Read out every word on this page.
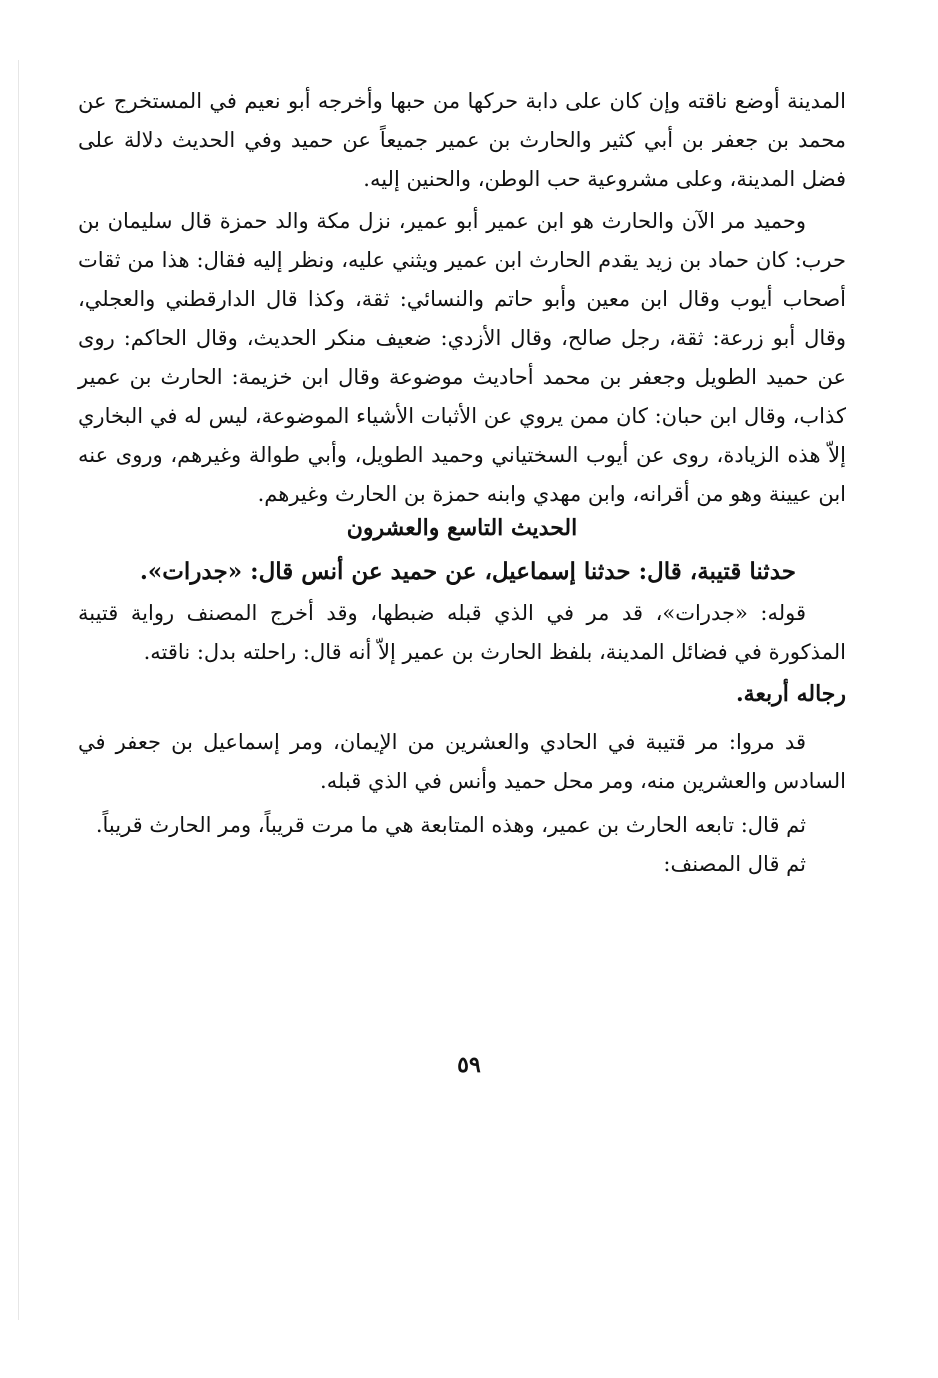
المدينة أوضع ناقته وإن كان على دابة حركها من حبها وأخرجه أبو نعيم في المستخرج عن محمد بن جعفر بن أبي كثير والحارث بن عمير جميعاً عن حميد وفي الحديث دلالة على فضل المدينة، وعلى مشروعية حب الوطن، والحنين إليه.

وحميد مر الآن والحارث هو ابن عمير أبو عمير، نزل مكة والد حمزة قال سليمان بن حرب: كان حماد بن زيد يقدم الحارث ابن عمير ويثني عليه، ونظر إليه فقال: هذا من ثقات أصحاب أيوب وقال ابن معين وأبو حاتم والنسائي: ثقة، وكذا قال الدارقطني والعجلي، وقال أبو زرعة: ثقة، رجل صالح، وقال الأزدي: ضعيف منكر الحديث، وقال الحاكم: روى عن حميد الطويل وجعفر بن محمد أحاديث موضوعة وقال ابن خزيمة: الحارث بن عمير كذاب، وقال ابن حبان: كان ممن يروي عن الأثبات الأشياء الموضوعة، ليس له في البخاري إلاّ هذه الزيادة، روى عن أيوب السختياني وحميد الطويل، وأبي طوالة وغيرهم، وروى عنه ابن عيينة وهو من أقرانه، وابن مهدي وابنه حمزة بن الحارث وغيرهم.

الحديث التاسع والعشرون
حدثنا قتيبة، قال: حدثنا إسماعيل، عن حميد عن أنس قال: «جدرات».

قوله: «جدرات»، قد مر في الذي قبله ضبطها، وقد أخرج المصنف رواية قتيبة المذكورة في فضائل المدينة، بلفظ الحارث بن عمير إلاّ أنه قال: راحلته بدل: ناقته.

رجاله أربعة.

قد مروا: مر قتيبة في الحادي والعشرين من الإيمان، ومر إسماعيل بن جعفر في السادس والعشرين منه، ومر محل حميد وأنس في الذي قبله.

ثم قال: تابعه الحارث بن عمير، وهذه المتابعة هي ما مرت قريباً، ومر الحارث قريباً.

ثم قال المصنف:

٥٩
